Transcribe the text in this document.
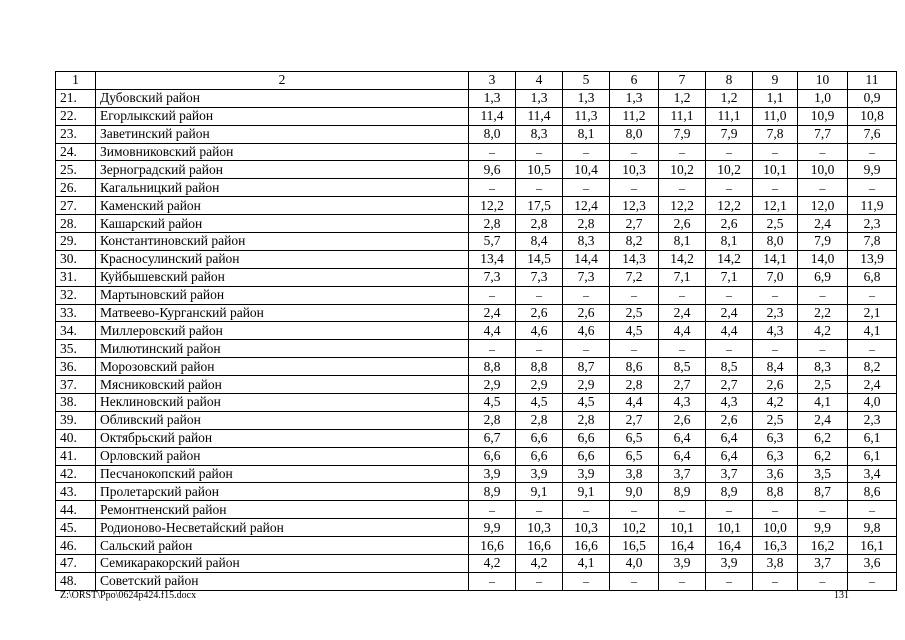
1	2	3	4	5	6	7	8	9	10	11
21.	Дубовский район	1,3	1,3	1,3	1,3	1,2	1,2	1,1	1,0	0,9
22.	Егорлыкский район	11,4	11,4	11,3	11,2	11,1	11,1	11,0	10,9	10,8
23.	Заветинский район	8,0	8,3	8,1	8,0	7,9	7,9	7,8	7,7	7,6
24.	Зимовниковский район	–	–	–	–	–	–	–	–	–
25.	Зерноградский район	9,6	10,5	10,4	10,3	10,2	10,2	10,1	10,0	9,9
26.	Кагальницкий район	–	–	–	–	–	–	–	–	–
27.	Каменский район	12,2	17,5	12,4	12,3	12,2	12,2	12,1	12,0	11,9
28.	Кашарский район	2,8	2,8	2,8	2,7	2,6	2,6	2,5	2,4	2,3
29.	Константиновский район	5,7	8,4	8,3	8,2	8,1	8,1	8,0	7,9	7,8
30.	Красносулинский район	13,4	14,5	14,4	14,3	14,2	14,2	14,1	14,0	13,9
31.	Куйбышевский район	7,3	7,3	7,3	7,2	7,1	7,1	7,0	6,9	6,8
32.	Мартыновский район	–	–	–	–	–	–	–	–	–
33.	Матвеево-Курганский район	2,4	2,6	2,6	2,5	2,4	2,4	2,3	2,2	2,1
34.	Миллеровский район	4,4	4,6	4,6	4,5	4,4	4,4	4,3	4,2	4,1
35.	Милютинский район	–	–	–	–	–	–	–	–	–
36.	Морозовский район	8,8	8,8	8,7	8,6	8,5	8,5	8,4	8,3	8,2
37.	Мясниковский район	2,9	2,9	2,9	2,8	2,7	2,7	2,6	2,5	2,4
38.	Неклиновский район	4,5	4,5	4,5	4,4	4,3	4,3	4,2	4,1	4,0
39.	Обливский район	2,8	2,8	2,8	2,7	2,6	2,6	2,5	2,4	2,3
40.	Октябрьский район	6,7	6,6	6,6	6,5	6,4	6,4	6,3	6,2	6,1
41.	Орловский район	6,6	6,6	6,6	6,5	6,4	6,4	6,3	6,2	6,1
42.	Песчанокопский район	3,9	3,9	3,9	3,8	3,7	3,7	3,6	3,5	3,4
43.	Пролетарский район	8,9	9,1	9,1	9,0	8,9	8,9	8,8	8,7	8,6
44.	Ремонтненский район	–	–	–	–	–	–	–	–	–
45.	Родионово-Несветайский район	9,9	10,3	10,3	10,2	10,1	10,1	10,0	9,9	9,8
46.	Сальский район	16,6	16,6	16,6	16,5	16,4	16,4	16,3	16,2	16,1
47.	Семикаракорский район	4,2	4,2	4,1	4,0	3,9	3,9	3,8	3,7	3,6
48.	Советский район	–	–	–	–	–	–	–	–	–
Z:\ORST\Ppo\0624p424.f15.docx	131
